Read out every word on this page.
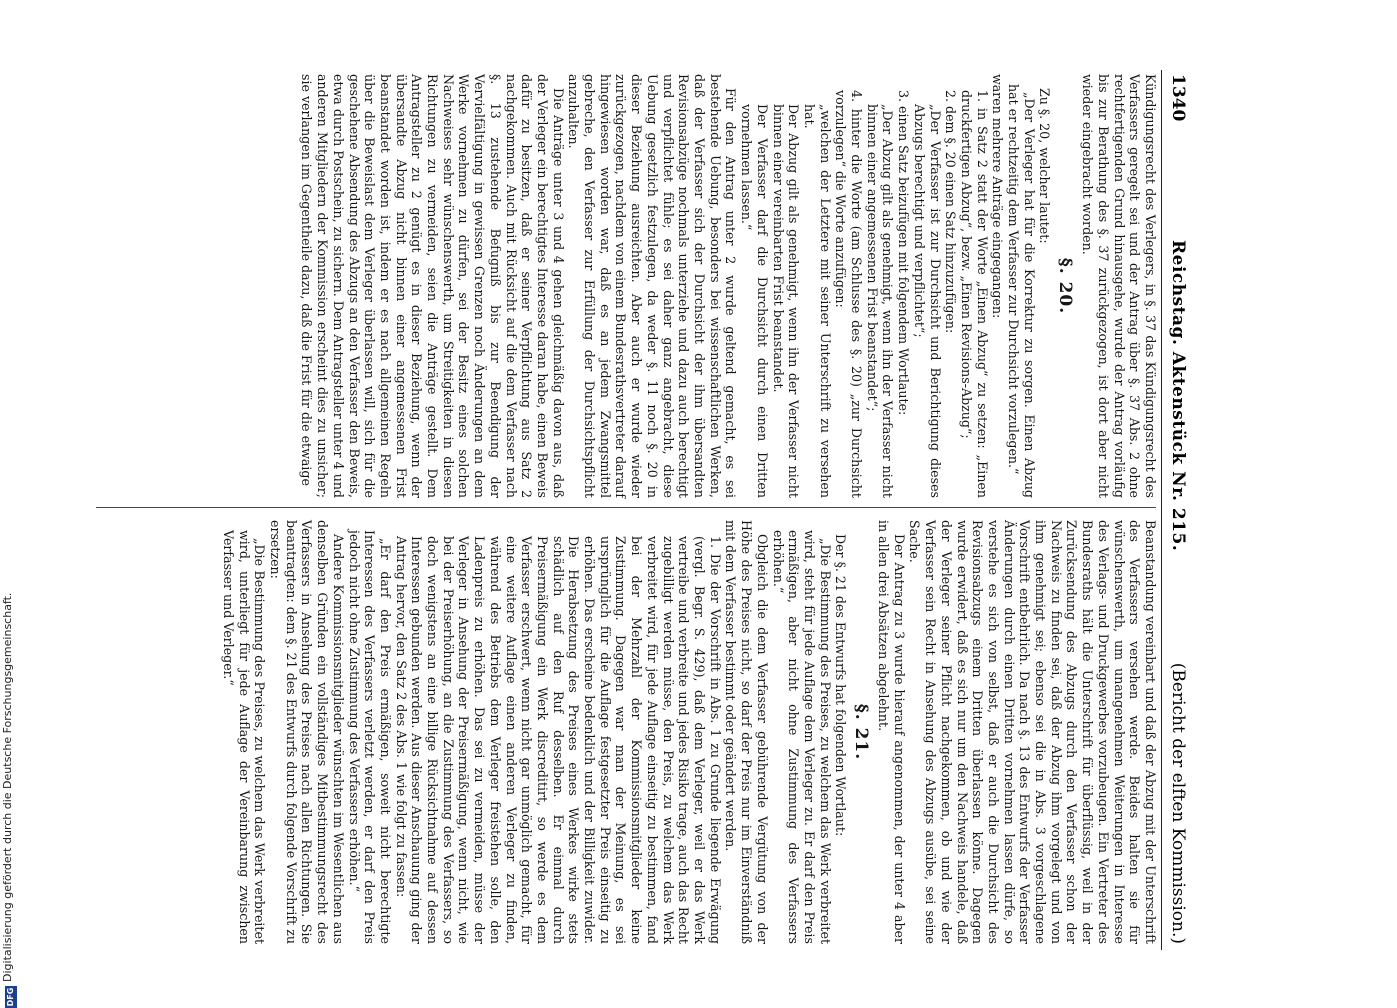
1340
Reichstag. Aktenstück Nr. 215.
(Bericht der elften Kommission.)

Kündigungsrecht des Verlegers, in §. 37 das Kündigungsrecht des Verfassers geregelt sei und der Antrag über §. 37 Abs. 2 ohne rechtfertigenden Grund hinausgehe, wurde der Antrag vorläufig bis zur Berathung des §. 37 zurückgezogen, ist dort aber nicht wieder eingebracht worden.

§. 20.

Zu §. 20, welcher lautet:

„Der Verleger hat für die Korrektur zu sorgen. Einen Abzug hat er rechtzeitig dem Verfasser zur Durchsicht vorzulegen.“

waren mehrere Anträge eingegangen:

1. in Satz 2 statt der Worte „Einen Abzug“ zu setzen: „Einen druckfertigen Abzug“, bezw. „Einen Revisions-Abzug“;

2. dem §. 20 einen Satz hinzuzufügen:

„Der Verfasser ist zur Durchsicht und Berichtigung dieses Abzugs berechtigt und verpflichtet“;

3. einen Satz beizufügen mit folgendem Wortlaute:

„Der Abzug gilt als genehmigt, wenn ihn der Verfasser nicht binnen einer angemessenen Frist beanstandet“;

4. hinter die Worte (am Schlusse des §. 20) „zur Durchsicht vorzulegen“ die Worte anzufügen:

„welchen der Letztere mit seiner Unterschrift zu versehen hat.

Der Abzug gilt als genehmigt, wenn ihn der Verfasser nicht binnen einer vereinbarten Frist beanstandet.

Der Verfasser darf die Durchsicht durch einen Dritten vornehmen lassen.“

Für den Antrag unter 2 wurde geltend gemacht, es sei bestehende Uebung, besonders bei wissenschaftlichen Werken, daß der Verfasser sich der Durchsicht der ihm übersandten Revisionsabzüge nochmals unterziehe und dazu auch berechtigt und verpflichtet fühle; es sei daher ganz angebracht, diese Uebung gesetzlich festzulegen, da weder §. 11 noch §. 20 in dieser Beziehung ausreichten. Aber auch er wurde wieder zurückgezogen, nachdem von einem Bundesrathsvertreter darauf hingewiesen worden war, daß es an jedem Zwangsmittel gebreche, den Verfasser zur Erfüllung der Durchsichtspflicht anzuhalten.

Die Anträge unter 3 und 4 gehen gleichmäßig davon aus, daß der Verleger ein berechtigtes Interesse daran habe, einen Beweis dafür zu besitzen, daß er seiner Verpflichtung aus Satz 2 nachgekommen. Auch mit Rücksicht auf die dem Verfasser nach §. 13 zustehende Befugniß bis zur Beendigung der Vervielfältigung in gewissen Grenzen noch Änderungen an dem Werke vornehmen zu dürfen, sei der Besitz eines solchen Nachweises sehr wünschenswerth, um Streitigkeiten in diesen Richtungen zu vermeiden, seien die Anträge gestellt. Dem Antragsteller zu 2 genügt es in dieser Beziehung, wenn der übersandte Abzug nicht binnen einer angemessenen Frist beanstandet worden ist, indem er es nach allgemeinen Regeln über die Beweislast dem Verleger überlassen will, sich für die geschehene Absendung des Abzugs an den Verfasser den Beweis, etwa durch Postschein, zu sichern. Dem Antragsteller unter 4 und anderen Mitgliedern der Kommission erscheint dies zu unsicher; sie verlangen im Gegentheile dazu, daß die Frist für die etwaige

Beanstandung vereinbart und daß der Abzug mit der Unterschrift des Verfassers versehen werde. Beides halten sie für wünschenswerth, um unangenehmen Weiterungen in Interesse des Verlags- und Druckgewerbes vorzubeugen. Ein Vertreter des Bundesraths hält die Unterschrift für überflüssig, weil in der Zurücksendung des Abzugs durch den Verfasser schon der Nachweis zu finden sei, daß der Abzug ihm vorgelegt und von ihm genehmigt sei; ebenso sei die in Abs. 3 vorgeschlagene Vorschrift entbehrlich. Da nach §. 13 des Entwurfs der Verfasser Änderungen durch einen Dritten vornehmen lassen dürfe, so verstehe es sich von selbst, daß er auch die Durchsicht des Revisionsabzugs einem Dritten überlassen könne. Dagegen wurde erwidert, daß es sich nur um den Nachweis handele, daß der Verleger seiner Pflicht nachgekommen, ob und wie der Verfasser sein Recht in Ansehung des Abzugs ausübe, sei seine Sache.

Der Antrag zu 3 wurde hierauf angenommen, der unter 4 aber in allen drei Absätzen abgelehnt.

§. 21.

Der §. 21 des Entwurfs hat folgenden Wortlaut:

„Die Bestimmung des Preises, zu welchem das Werk verbreitet wird, steht für jede Auflage dem Verleger zu. Er darf den Preis ermäßigen, aber nicht ohne Zustimmung des Verfassers erhöhen.“

Obgleich die dem Verfasser gebührende Vergütung von der Höhe des Preises nicht, so darf der Preis nur im Einverständniß mit dem Verfasser bestimmt oder geändert werden.

1. Die der Vorschrift in Abs. 1 zu Grunde liegende Erwägung (vergl. Begr. S. 429), daß dem Verleger, weil er das Werk vertreibe und verbreite und jedes Risiko trage, auch das Recht zugebilligt werden müsse, den Preis, zu welchem das Werk verbreitet wird, für jede Auflage einseitig zu bestimmen, fand bei der Mehrzahl der Kommissionsmitglieder keine Zustimmung. Dagegen war man der Meinung, es sei ursprünglich für die Auflage festgesetzter Preis einseitig zu erhöhen. Das erscheine bedenklich und der Billigkeit zuwider. Die Herabsetzung des Preises eines Werkes wirke stets schädlich auf den Ruf desselben. Er einmal durch Preisermäßigung ein Werk discreditirt, so werde es dem Verfasser erschwert, wenn nicht gar unmöglich gemacht, für eine weitere Auflage einen anderen Verleger zu finden, während des Betriebs dem Verleger freistehen solle, den Ladenpreis zu erhöhen. Das sei zu vermeiden, müsse der Verleger in Ansehung der Preisermäßigung, wenn nicht, wie bei der Preiserhöhung, an die Zustimmung des Verfassers, so doch wenigstens an eine billige Rücksichtnahme auf dessen Interessen gebunden werden. Aus dieser Anschauung ging der Antrag hervor, den Satz 2 des Abs. 1 wie folgt zu fassen:

„Er darf den Preis ermäßigen, soweit nicht berechtigte Interessen des Verfassers verletzt werden, er darf den Preis jedoch nicht ohne Zustimmung des Verfassers erhöhen.“

Andere Kommissionsmitglieder wünschten im Wesentlichen aus denselben Gründen ein vollständiges Mitbestimmungsrecht des Verfassers in Ansehung des Preises nach allen Richtungen. Sie beantragten: dem §. 21 des Entwurfs durch folgende Vorschrift zu ersetzen:

„Die Bestimmung des Preises, zu welchem das Werk verbreitet wird, unterliegt für jede Auflage der Vereinbarung zwischen Verfasser und Verleger.“

DFGDigitalisierung gefördert durch die Deutsche Forschungsgemeinschaft.
